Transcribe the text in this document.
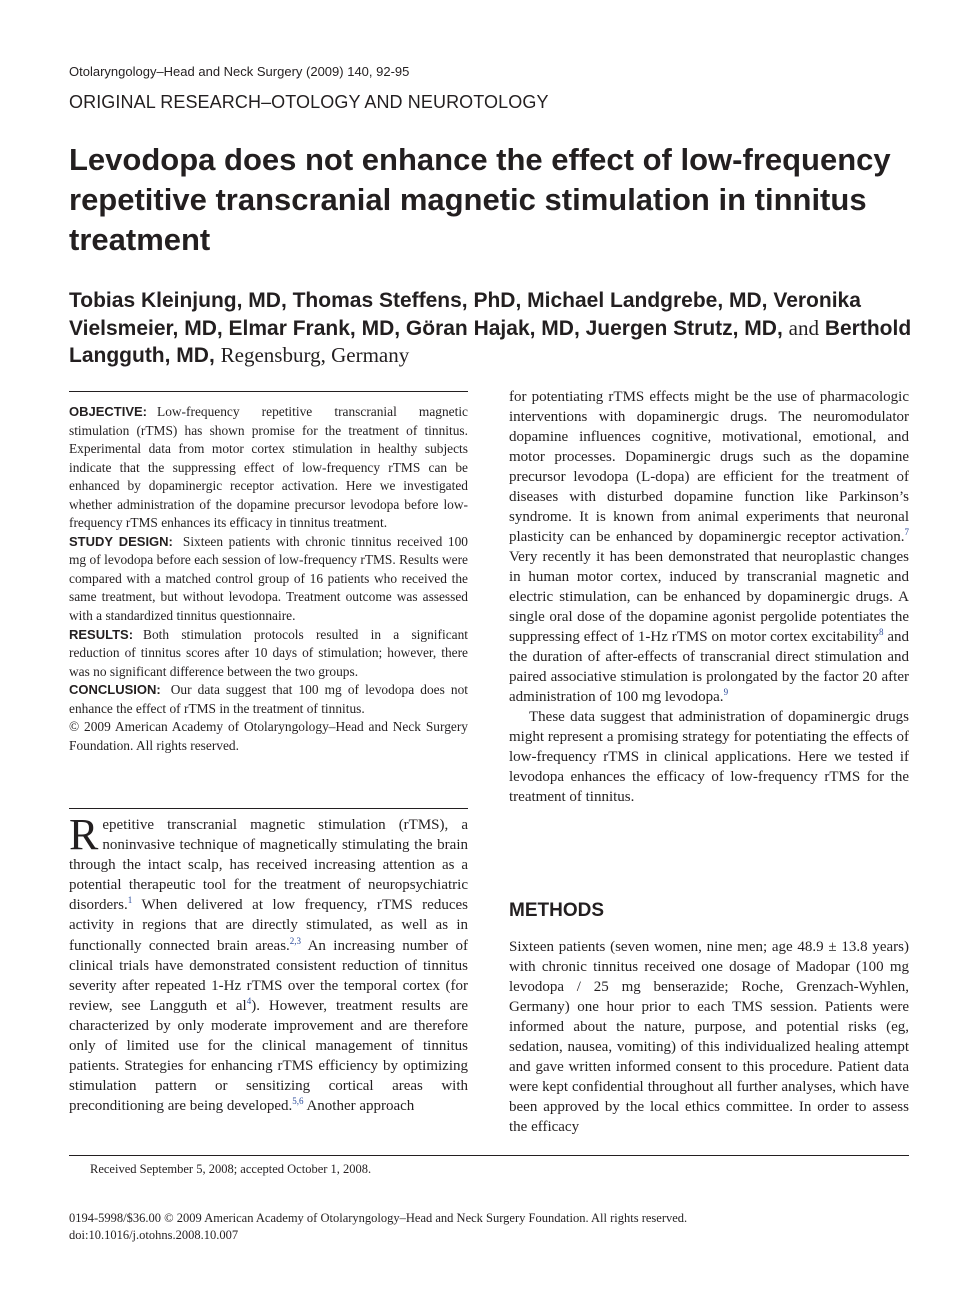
Otolaryngology–Head and Neck Surgery (2009) 140, 92-95
ORIGINAL RESEARCH–OTOLOGY AND NEUROTOLOGY
Levodopa does not enhance the effect of low-frequency repetitive transcranial magnetic stimulation in tinnitus treatment
Tobias Kleinjung, MD, Thomas Steffens, PhD, Michael Landgrebe, MD, Veronika Vielsmeier, MD, Elmar Frank, MD, Göran Hajak, MD, Juergen Strutz, MD, and Berthold Langguth, MD, Regensburg, Germany

OBJECTIVE: Low-frequency repetitive transcranial magnetic stimulation (rTMS) has shown promise for the treatment of tinnitus. Experimental data from motor cortex stimulation in healthy subjects indicate that the suppressing effect of low-frequency rTMS can be enhanced by dopaminergic receptor activation. Here we investigated whether administration of the dopamine precursor levodopa before low-frequency rTMS enhances its efficacy in tinnitus treatment.

STUDY DESIGN: Sixteen patients with chronic tinnitus received 100 mg of levodopa before each session of low-frequency rTMS. Results were compared with a matched control group of 16 patients who received the same treatment, but without levodopa. Treatment outcome was assessed with a standardized tinnitus questionnaire.

RESULTS: Both stimulation protocols resulted in a significant reduction of tinnitus scores after 10 days of stimulation; however, there was no significant difference between the two groups.

CONCLUSION: Our data suggest that 100 mg of levodopa does not enhance the effect of rTMS in the treatment of tinnitus.

© 2009 American Academy of Otolaryngology–Head and Neck Surgery Foundation. All rights reserved.

Repetitive transcranial magnetic stimulation (rTMS), a noninvasive technique of magnetically stimulating the brain through the intact scalp, has received increasing attention as a potential therapeutic tool for the treatment of neuropsychiatric disorders.$^1$ When delivered at low frequency, rTMS reduces activity in regions that are directly stimulated, as well as in functionally connected brain areas.$^{2,3}$ An increasing number of clinical trials have demonstrated consistent reduction of tinnitus severity after repeated 1-Hz rTMS over the temporal cortex (for review, see Langguth et $al^4$). However, treatment results are characterized by only moderate improvement and are therefore only of limited use for the clinical management of tinnitus patients. Strategies for enhancing rTMS efficiency by optimizing stimulation pattern or sensitizing cortical areas with preconditioning are being developed.$^{5,6}$ Another approach

for potentiating rTMS effects might be the use of pharmacologic interventions with dopaminergic drugs. The neuromodulator dopamine influences cognitive, motivational, emotional, and motor processes. Dopaminergic drugs such as the dopamine precursor levodopa (L-dopa) are efficient for the treatment of diseases with disturbed dopamine function like Parkinson’s syndrome. It is known from animal experiments that neuronal plasticity can be enhanced by dopaminergic receptor activation.$^7$ Very recently it has been demonstrated that neuroplastic changes in human motor cortex, induced by transcranial magnetic and electric stimulation, can be enhanced by dopaminergic drugs. A single oral dose of the dopamine agonist pergolide potentiates the suppressing effect of 1-Hz rTMS on motor cortex excitability$^8$ and the duration of after-effects of transcranial direct stimulation and paired associative stimulation is prolongated by the factor 20 after administration of 100 mg levodopa.$^9$

These data suggest that administration of dopaminergic drugs might represent a promising strategy for potentiating the effects of low-frequency rTMS in clinical applications. Here we tested if levodopa enhances the efficacy of low-frequency rTMS for the treatment of tinnitus.

METHODS

Sixteen patients (seven women, nine men; age 48.9 ± 13.8 years) with chronic tinnitus received one dosage of Madopar (100 mg levodopa / 25 mg benserazide; Roche, Grenzach-Wyhlen, Germany) one hour prior to each TMS session. Patients were informed about the nature, purpose, and potential risks (eg, sedation, nausea, vomiting) of this individualized healing attempt and gave written informed consent to this procedure. Patient data were kept confidential throughout all further analyses, which have been approved by the local ethics committee. In order to assess the efficacy

Received September 5, 2008; accepted October 1, 2008.
0194-5998/$36.00 © 2009 American Academy of Otolaryngology–Head and Neck Surgery Foundation. All rights reserved.
doi:10.1016/j.otohns.2008.10.007
